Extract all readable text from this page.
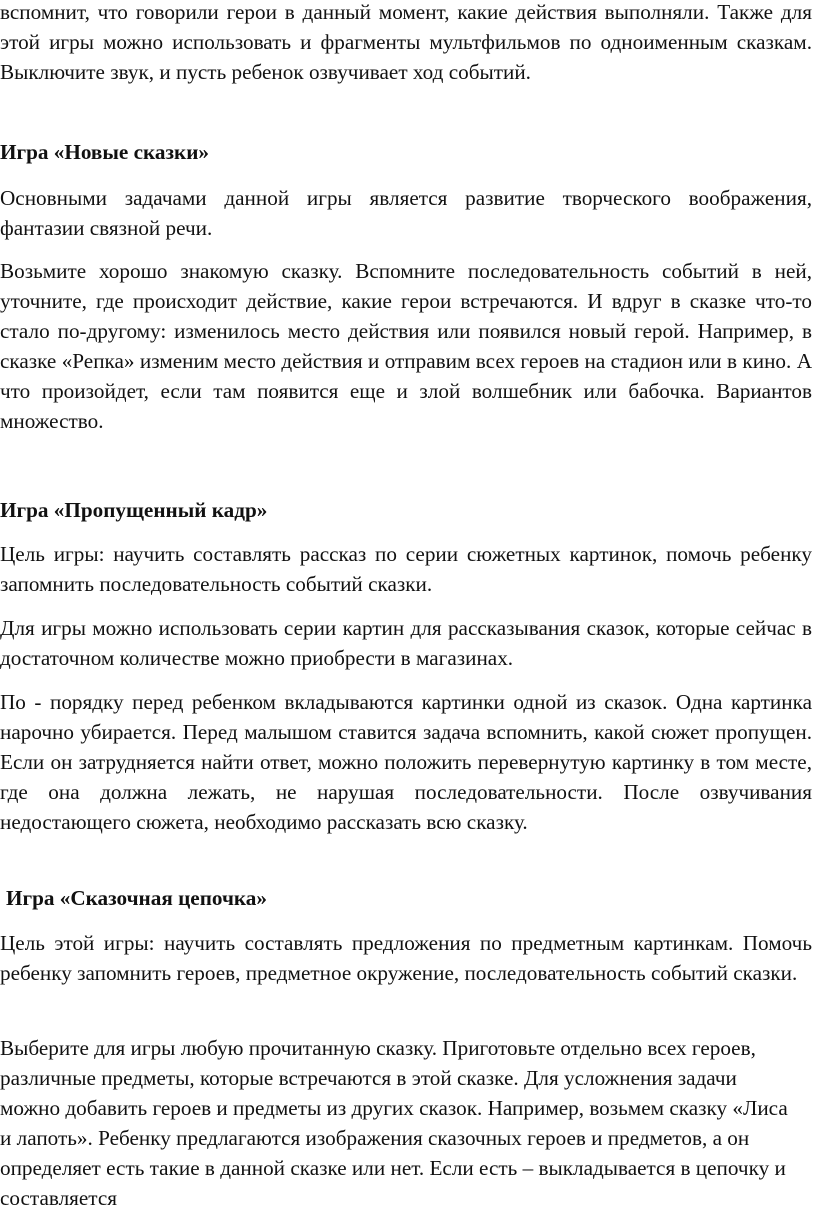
вспомнит, что говорили герои в данный момент, какие действия выполняли. Также для этой игры можно использовать и фрагменты мультфильмов по одноименным сказкам. Выключите звук, и пусть ребенок озвучивает ход событий.

Игра «Новые сказки»

Основными задачами данной игры является развитие творческого воображения, фантазии связной речи.

Возьмите хорошо знакомую сказку. Вспомните последовательность событий в ней, уточните, где происходит действие, какие герои встречаются. И вдруг в сказке что-то стало по-другому: изменилось место действия или появился новый герой. Например, в сказке «Репка» изменим место действия и отправим всех героев на стадион или в кино. А что произойдет, если там появится еще и злой волшебник или бабочка. Вариантов множество.

Игра «Пропущенный кадр»

Цель игры: научить составлять рассказ по серии сюжетных картинок, помочь ребенку запомнить последовательность событий сказки.

Для игры можно использовать серии картин для рассказывания сказок, которые сейчас в достаточном количестве можно приобрести в магазинах.

По - порядку перед ребенком вкладываются картинки одной из сказок. Одна картинка нарочно убирается. Перед малышом ставится задача вспомнить, какой сюжет пропущен. Если он затрудняется найти ответ, можно положить перевернутую картинку в том месте, где она должна лежать, не нарушая последовательности. После озвучивания недостающего сюжета, необходимо рассказать всю сказку.

Игра «Сказочная цепочка»

Цель этой игры: научить составлять предложения по предметным картинкам. Помочь ребенку запомнить героев, предметное окружение, последовательность событий сказки.

Выберите для игры любую прочитанную сказку. Приготовьте отдельно всех героев, различные предметы, которые встречаются в этой сказке. Для усложнения задачи можно добавить героев и предметы из других сказок. Например, возьмем сказку «Лиса и лапоть». Ребенку предлагаются изображения сказочных героев и предметов, а он определяет есть такие в данной сказке или нет. Если есть – выкладывается в цепочку и составляется
